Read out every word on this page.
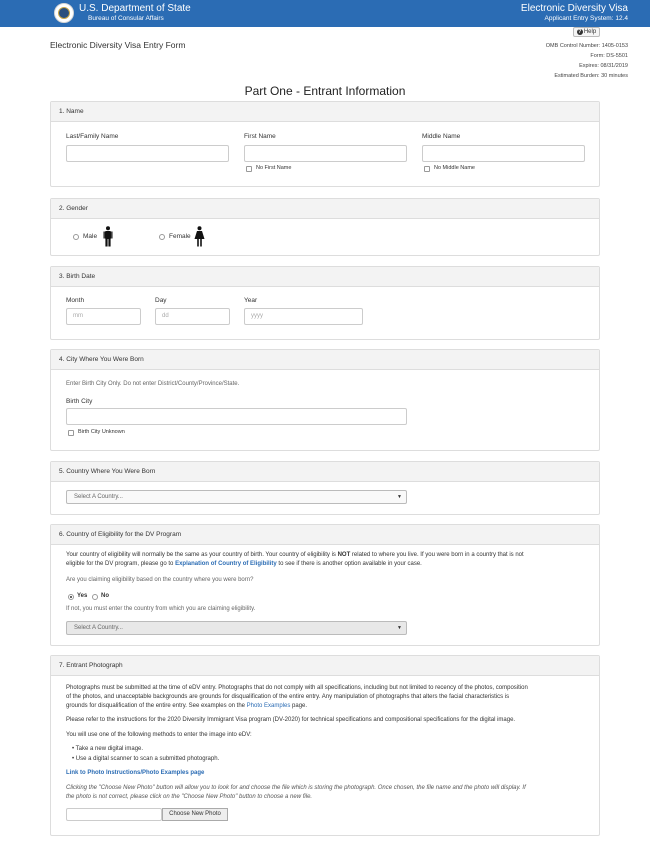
U.S. Department of State
Bureau of Consular Affairs
Electronic Diversity Visa
Applicant Entry System: 12.4
? Help
Electronic Diversity Visa Entry Form	OMB Control Number: 1405-0153
Form: DS-5501
Expires: 08/31/2019
Estimated Burden: 30 minutes
Part One - Entrant Information
1. Name
Last/Family Name	First Name
No First Name
Middle Name
No Middle Name
2. Gender
Male	Female
3. Birth Date
Month
mm
Day
dd
Year
yyyy
4. City Where You Were Born
Enter Birth City Only. Do not enter District/County/Province/State.
Birth City
Birth City Unknown
5. Country Where You Were Born
Select A Country...	▼
6. Country of Eligibility for the DV Program
Your country of eligibility will normally be the same as your country of birth. Your country of eligibility is NOT related to where you live. If you were born in a country that is not
eligible for the DV program, please go to Explanation of Country of Eligibility to see if there is another option available in your case.
Are you claiming eligibility based on the country where you were born?
Yes No
If not, you must enter the country from which you are claiming eligibility.
Select A Country...	▼
7. Entrant Photograph
Photographs must be submitted at the time of eDV entry. Photographs that do not comply with all specifications, including but not limited to recency of the photos, composition
of the photos, and unacceptable backgrounds are grounds for disqualification of the entire entry. Any manipulation of photographs that alters the facial characteristics is
grounds for disqualification of the entire entry. See examples on the Photo Examples page.
Please refer to the instructions for the 2020 Diversity Immigrant Visa program (DV-2020) for technical specifications and compositional specifications for the digital image.
You will use one of the following methods to enter the image into eDV:
• Take a new digital image.
• Use a digital scanner to scan a submitted photograph.
Link to Photo Instructions/Photo Examples page
Clicking the "Choose New Photo" button will allow you to look for and choose the file which is storing the photograph. Once chosen, the file name and the photo will display. If
the photo is not correct, please click on the "Choose New Photo" button to choose a new file.
Choose New Photo
